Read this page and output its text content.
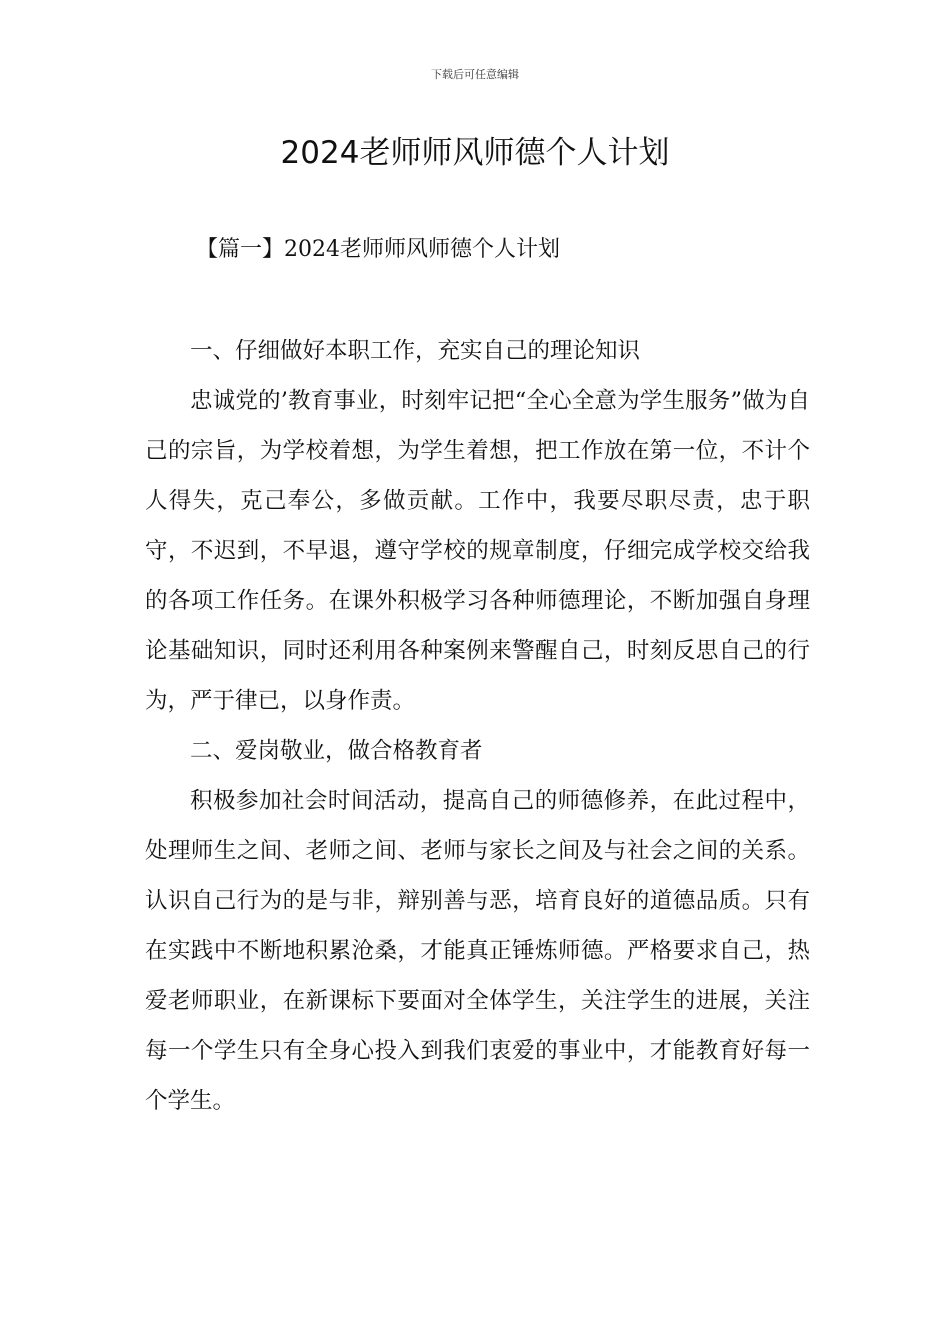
下载后可任意编辑
2024老师师风师德个人计划
【篇一】2024老师师风师德个人计划

一、仔细做好本职工作，充实自己的理论知识

忠诚党的’教育事业，时刻牢记把“全心全意为学生服务”做为自己的宗旨，为学校着想，为学生着想，把工作放在第一位，不计个人得失，克己奉公，多做贡献。工作中，我要尽职尽责，忠于职守，不迟到，不早退，遵守学校的规章制度，仔细完成学校交给我的各项工作任务。在课外积极学习各种师德理论，不断加强自身理论基础知识，同时还利用各种案例来警醒自己，时刻反思自己的行为，严于律已，以身作责。

二、爱岗敬业，做合格教育者

积极参加社会时间活动，提高自己的师德修养，在此过程中，处理师生之间、老师之间、老师与家长之间及与社会之间的关系。认识自己行为的是与非，辩别善与恶，培育良好的道德品质。只有在实践中不断地积累沧桑，才能真正锤炼师德。严格要求自己，热爱老师职业，在新课标下要面对全体学生，关注学生的进展，关注每一个学生只有全身心投入到我们衷爱的事业中，才能教育好每一个学生。
